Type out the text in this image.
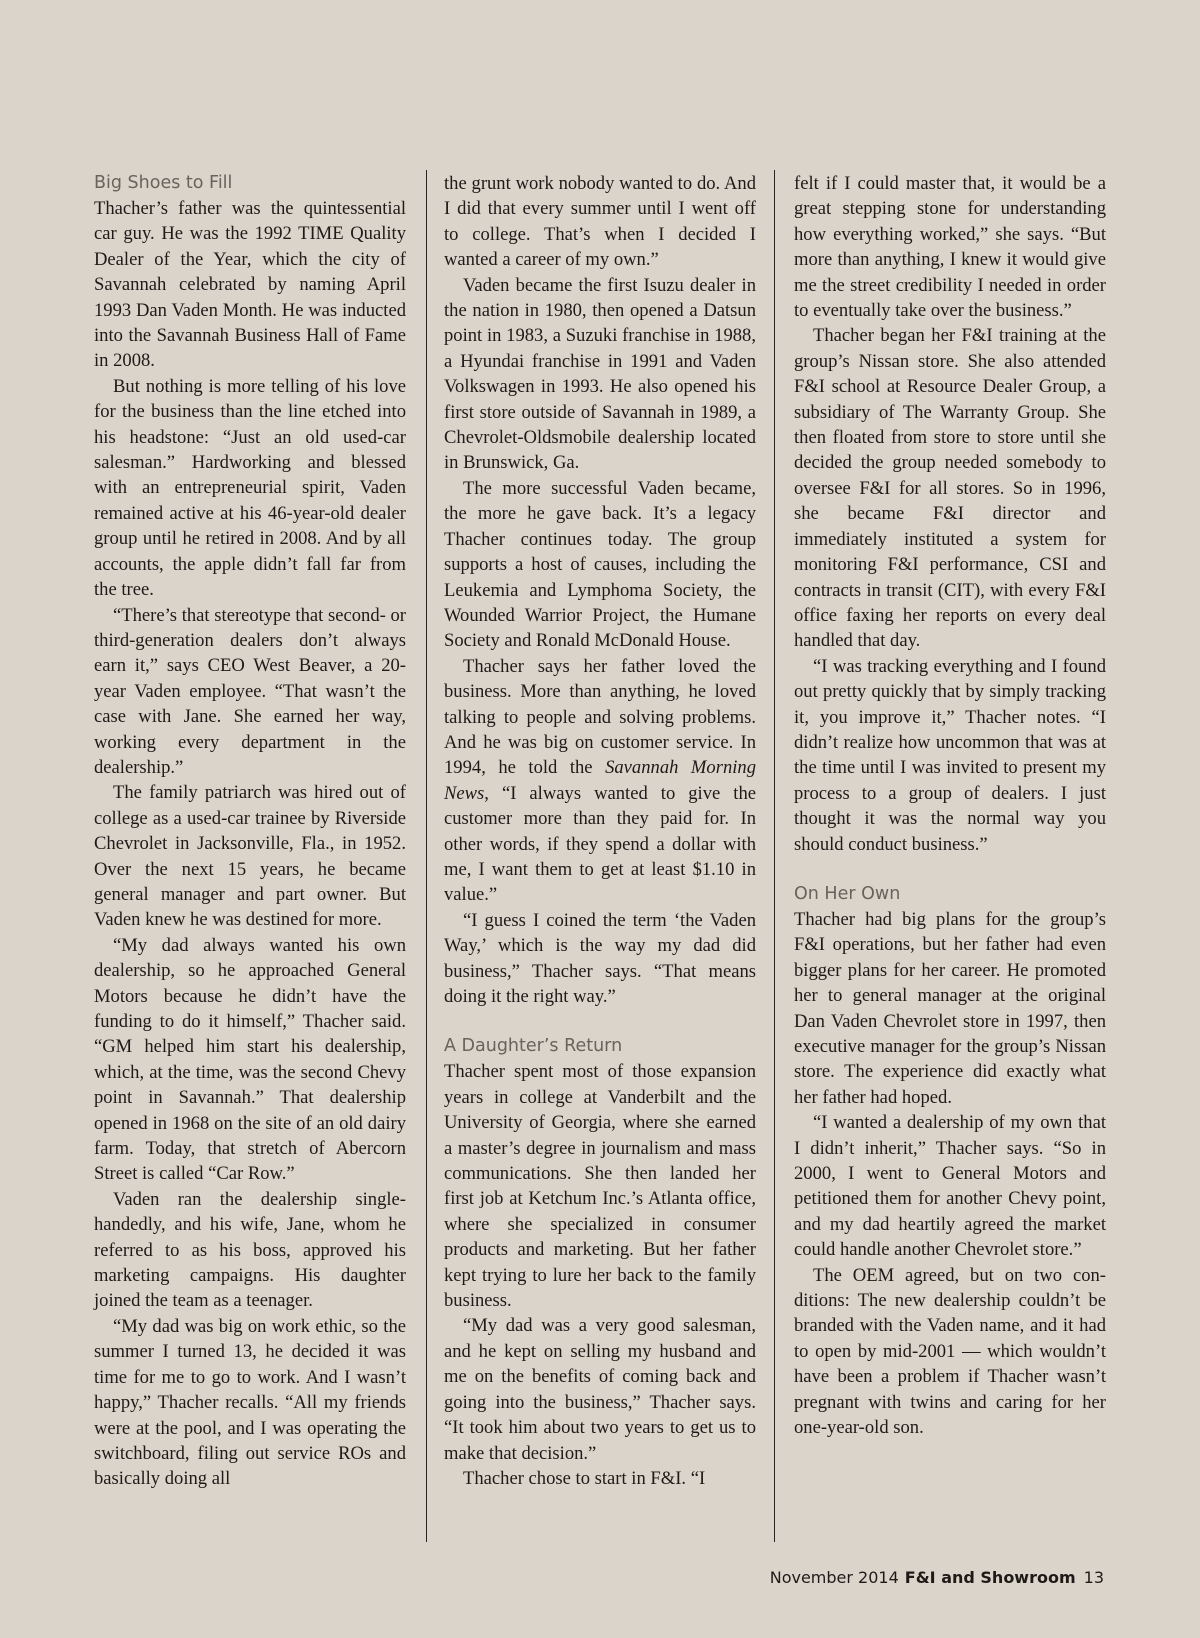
Big Shoes to Fill

Thacher’s father was the quintessential car guy. He was the 1992 TIME Quality Dealer of the Year, which the city of Savannah celebrated by naming April 1993 Dan Vaden Month. He was inducted into the Savannah Business Hall of Fame in 2008.

But nothing is more telling of his love for the business than the line etched into his headstone: “Just an old used-car salesman.” Hardworking and blessed with an entrepreneurial spirit, Vaden remained active at his 46-year-old dealer group until he retired in 2008. And by all accounts, the apple didn’t fall far from the tree.

“There’s that stereotype that second- or third-generation dealers don’t always earn it,” says CEO West Beaver, a 20-year Vaden employee. “That wasn’t the case with Jane. She earned her way, working every department in the dealership.”

The family patriarch was hired out of college as a used-car trainee by Riverside Chevrolet in Jacksonville, Fla., in 1952. Over the next 15 years, he became general manager and part owner. But Vaden knew he was destined for more.

“My dad always wanted his own dealership, so he approached General Motors because he didn’t have the funding to do it himself,” Thacher said. “GM helped him start his dealership, which, at the time, was the second Chevy point in Savannah.” That dealership opened in 1968 on the site of an old dairy farm. Today, that stretch of Abercorn Street is called “Car Row.”

Vaden ran the dealership single-handedly, and his wife, Jane, whom he referred to as his boss, approved his marketing campaigns. His daughter joined the team as a teenager.

“My dad was big on work ethic, so the summer I turned 13, he decided it was time for me to go to work. And I wasn’t happy,” Thacher recalls. “All my friends were at the pool, and I was operating the switchboard, filing out service ROs and basically doing all

the grunt work nobody wanted to do. And I did that every summer until I went off to college. That’s when I decided I wanted a career of my own.”

Vaden became the first Isuzu dealer in the nation in 1980, then opened a Datsun point in 1983, a Suzuki franchise in 1988, a Hyundai franchise in 1991 and Vaden Volkswagen in 1993. He also opened his first store outside of Savannah in 1989, a Chevrolet-Oldsmobile dealership located in Brunswick, Ga.

The more successful Vaden became, the more he gave back. It’s a legacy Thacher continues today. The group supports a host of causes, including the Leukemia and Lymphoma Society, the Wounded Warrior Project, the Humane Society and Ronald McDonald House.

Thacher says her father loved the business. More than anything, he loved talking to people and solving problems. And he was big on customer service. In 1994, he told the Savannah Morning News, “I always wanted to give the customer more than they paid for. In other words, if they spend a dollar with me, I want them to get at least $1.10 in value.”

“I guess I coined the term ‘the Vaden Way,’ which is the way my dad did business,” Thacher says. “That means doing it the right way.”

A Daughter’s Return

Thacher spent most of those expansion years in college at Vanderbilt and the University of Georgia, where she earned a master’s degree in journalism and mass communications. She then landed her first job at Ketchum Inc.’s Atlanta office, where she specialized in consumer products and marketing. But her father kept trying to lure her back to the family business.

“My dad was a very good salesman, and he kept on selling my husband and me on the benefits of coming back and going into the business,” Thacher says. “It took him about two years to get us to make that decision.”

Thacher chose to start in F&I. “I

felt if I could master that, it would be a great stepping stone for understanding how everything worked,” she says. “But more than anything, I knew it would give me the street credibility I needed in order to eventually take over the business.”

Thacher began her F&I training at the group’s Nissan store. She also attended F&I school at Resource Dealer Group, a subsidiary of The Warranty Group. She then floated from store to store until she decided the group needed somebody to oversee F&I for all stores. So in 1996, she became F&I director and immediately instituted a system for monitoring F&I performance, CSI and contracts in transit (CIT), with every F&I office faxing her reports on every deal handled that day.

“I was tracking everything and I found out pretty quickly that by simply tracking it, you improve it,” Thacher notes. “I didn’t realize how uncommon that was at the time until I was invited to present my process to a group of dealers. I just thought it was the normal way you should conduct business.”

On Her Own

Thacher had big plans for the group’s F&I operations, but her father had even bigger plans for her career. He promoted her to general manager at the original Dan Vaden Chevrolet store in 1997, then executive manager for the group’s Nissan store. The experience did exactly what her father had hoped.

“I wanted a dealership of my own that I didn’t inherit,” Thacher says. “So in 2000, I went to General Motors and petitioned them for another Chevy point, and my dad heartily agreed the market could handle another Chevrolet store.”

The OEM agreed, but on two conditions: The new dealership couldn’t be branded with the Vaden name, and it had to open by mid-2001 — which wouldn’t have been a problem if Thacher wasn’t pregnant with twins and caring for her one-year-old son.

November 2014 F&I and Showroom 13
